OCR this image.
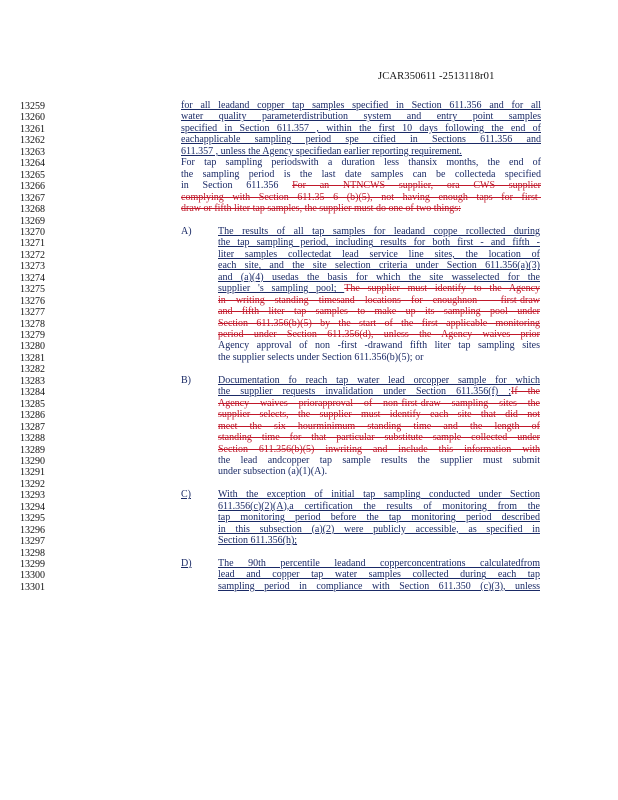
JCAR350611 -2513118r01
13259	for all leadand copper tap samples specified in Section 611.356 and for all
13260	water quality parameterdistribution system and entry point samples
13261	specified in Section 611.357 , within the first 10 days following the end of
13262	eachapplicable sampling period spe cified in Sections 611.356 and
13263	611.357 , unless the Agency specifiedan earlier reporting requirement.
13264	For tap sampling periodswith a duration less thansix months, the end of
13265	the sampling period is the last date samples can be collecteda specified
13266	in Section 611.356 For an NTNCWS supplier, ora CWS supplier
13267	complying with Section 611.35 6 (b)(5), not having enough taps for first-
13268	draw or fifth liter tap samples, the supplier must do one of two things:
13269
13270	The results of all tap samples for leadand coppe rcollected during
13271	the tap sampling period, including results for both first - and fifth -
13272	liter samples collectedat lead service line sites, the location of
13273	each site, and the site selection criteria under Section 611.356(a)(3)
13274	and (a)(4) usedas the basis for which the site wasselected for the
13275	supplier 's sampling pool; The supplier must identify to the Agency
13276	in writing standing timesand locations for enoughnon - first-draw
13277	and fifth liter tap samples to make up its sampling pool under
13278	Section 611.356(b)(5) by the start of the first applicable monitoring
13279	period under Section 611.356(d), unless the Agency waives prior
13280	Agency approval of non -first -drawand fifth liter tap sampling sites
13281	the supplier selects under Section 611.356(b)(5); or
13282
13283	Documentation fo reach tap water lead orcopper sample for which
13284	the supplier requests invalidation under Section 611.356(f) ;If the
13285	Agency waives priorapproval of non-first-draw sampling sites the
13286	supplier selects, the supplier must identify each site that did not
13287	meet the six hourminimum standing time and the length of
13288	standing time for that particular substitute sample collected under
13289	Section 611.356(b)(5) inwriting and include this information with
13290	the lead andcopper tap sample results the supplier must submit
13291	under subsection (a)(1)(A).
13292
13293	With the exception of initial tap sampling conducted under Section
13294	611.356(c)(2)(A),a certification the results of monitoring from the
13295	tap monitoring period before the tap monitoring period described
13296	in this subsection (a)(2) were publicly accessible, as specified in
13297	Section 611.356(h);
13298
13299	The 90th percentile leadand copperconcentrations calculatedfrom
13300	lead and copper tap water samples collected during each tap
13301	sampling period in compliance with Section 611.350 (c)(3), unless
A)
B)
C)
D)
